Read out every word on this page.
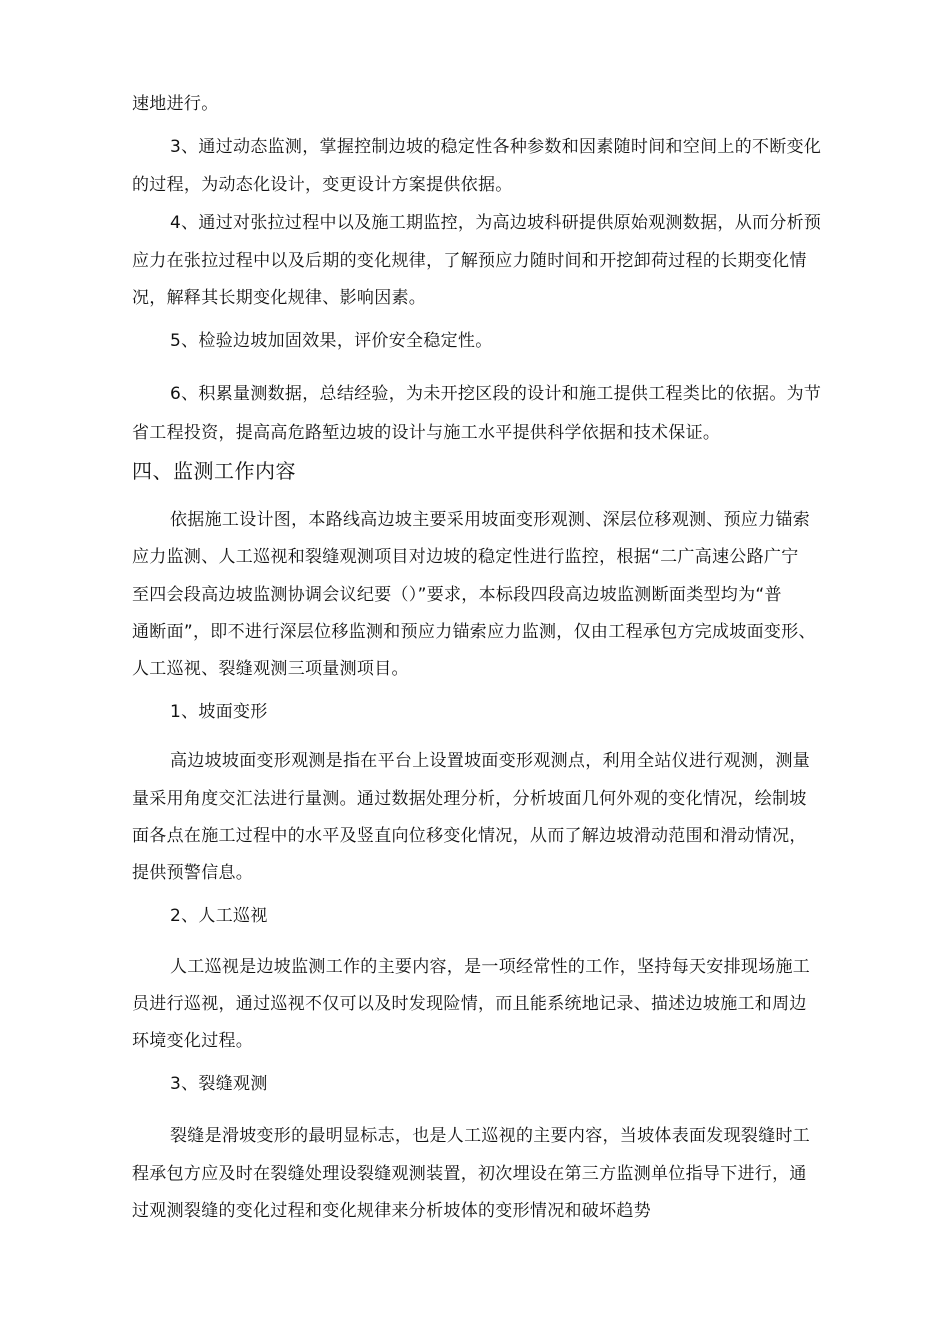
速地进行。
3、通过动态监测，掌握控制边坡的稳定性各种参数和因素随时间和空间上的不断变化
的过程，为动态化设计，变更设计方案提供依据。
4、通过对张拉过程中以及施工期监控，为高边坡科研提供原始观测数据，从而分析预
应力在张拉过程中以及后期的变化规律，了解预应力随时间和开挖卸荷过程的长期变化情
况，解释其长期变化规律、影响因素。
5、检验边坡加固效果，评价安全稳定性。
6、积累量测数据，总结经验，为未开挖区段的设计和施工提供工程类比的依据。为节
省工程投资，提高高危路堑边坡的设计与施工水平提供科学依据和技术保证。
四、监测工作内容
依据施工设计图，本路线高边坡主要采用坡面变形观测、深层位移观测、预应力锚索
应力监测、人工巡视和裂缝观测项目对边坡的稳定性进行监控，根据“二广高速公路广宁
至四会段高边坡监测协调会议纪要（）”要求，本标段四段高边坡监测断面类型均为“普
通断面”，即不进行深层位移监测和预应力锚索应力监测，仅由工程承包方完成坡面变形、
人工巡视、裂缝观测三项量测项目。
1、坡面变形
高边坡坡面变形观测是指在平台上设置坡面变形观测点，利用全站仪进行观测，测量
量采用角度交汇法进行量测。通过数据处理分析，分析坡面几何外观的变化情况，绘制坡
面各点在施工过程中的水平及竖直向位移变化情况，从而了解边坡滑动范围和滑动情况，
提供预警信息。
2、人工巡视
人工巡视是边坡监测工作的主要内容，是一项经常性的工作，坚持每天安排现场施工
员进行巡视，通过巡视不仅可以及时发现险情，而且能系统地记录、描述边坡施工和周边
环境变化过程。
3、裂缝观测
裂缝是滑坡变形的最明显标志，也是人工巡视的主要内容，当坡体表面发现裂缝时工
程承包方应及时在裂缝处理设裂缝观测装置，初次埋设在第三方监测单位指导下进行，通
过观测裂缝的变化过程和变化规律来分析坡体的变形情况和破坏趋势
